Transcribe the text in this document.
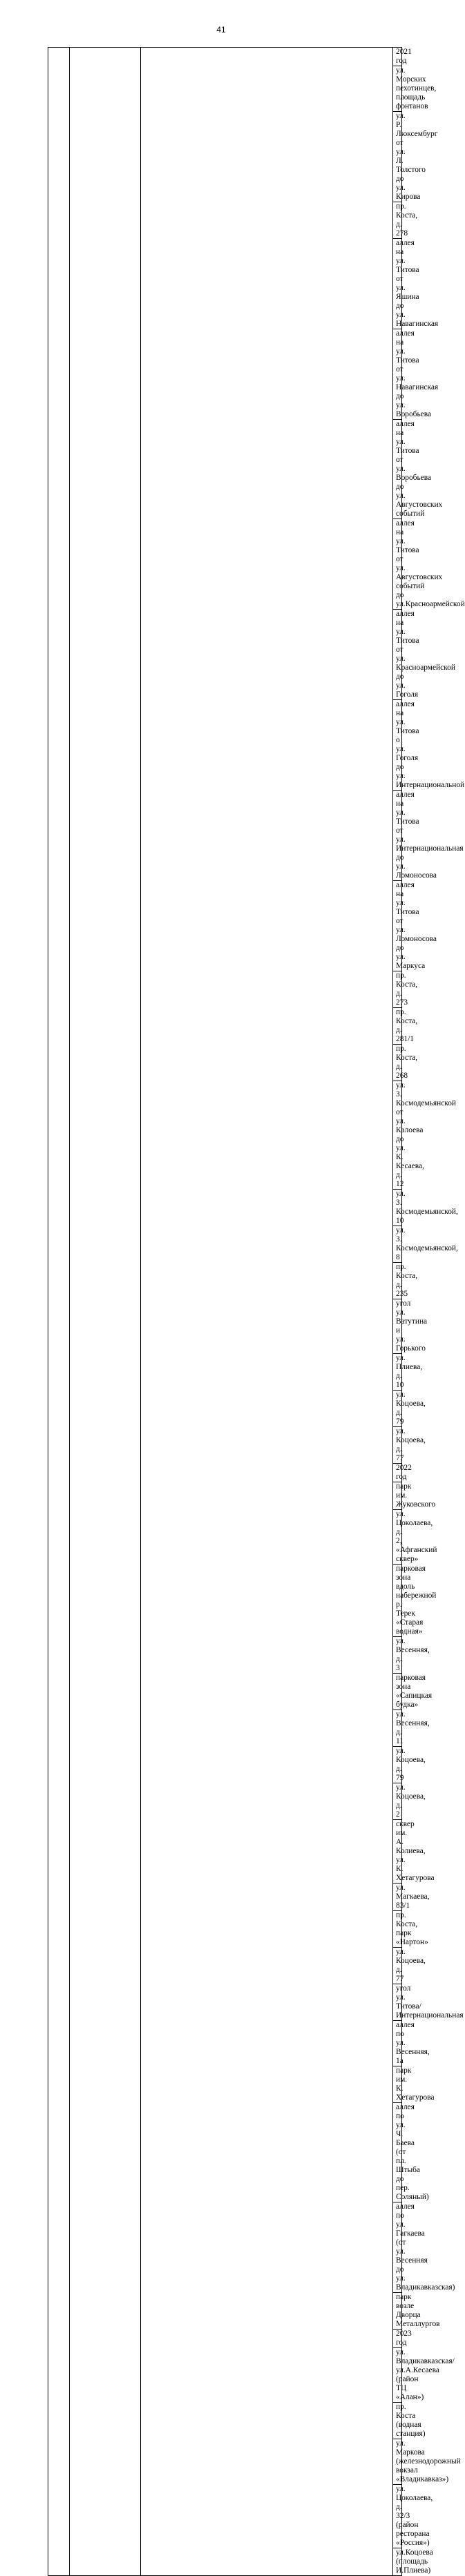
41
			2021 год
ул. Морских пехотинцев, площадь фонтанов
ул. Р. Люксембург от ул. Л. Толстого до ул. Кирова
пр. Коста, д. 278
аллея на ул. Титова от ул. Яшина до ул. Навагинская
аллея на ул. Титова от ул. Навагинская до ул. Воробьева
аллея на ул. Титова от ул. Воробьева до ул. Августовских событий
аллея на ул. Титова от ул. Августовских событий до ул.Красноармейской
аллея на ул. Титова от ул. Красноармейской до ул. Гоголя
аллея на ул. Титова о ул. Гоголя до ул. Интернациональной
аллея на ул. Титова от ул. Интернациональная до ул. Ломоносова
аллея на ул. Титова от ул. Ломоносова до ул. Маркуса
пр. Коста, д. 273
пр. Коста, д. 281/1
пр. Коста, д. 268
ул. З. Космодемьянской от ул. Калоева до ул. К. Кесаева, д. 12
ул. З. Космодемьянской, 10
ул. З. Космодемьянской, 8
пр. Коста, д. 235
угол ул. Ватутина и ул. Горького
ул. Плиева, д. 10
ул. Коцоева, д. 79
ул. Коцоева, д. 77
2022 год
парк им. Жуковского
ул. Цоколаева, д. 2, «Афганский сквер»
парковая зона вдоль набережной р. Терек «Старая водная»
ул. Весенняя, д. 3
парковая зона «Сапицкая будка»
ул. Весенняя, д. 11
ул. Коцоева, д. 79
ул. Коцоева, д. 2
сквер им. А. Колиева, ул. К. Хетагурова
ул. Магкаева, 83/1
пр. Коста, парк «Нартон»
ул. Коцоева, д. 77
угол ул. Титова/Интернациональная
аллея по ул. Весенняя, 1а
парк им. К. Хетагурова
аллея по ул. Ч. Баева (от пл. Штыба до пер. Соляный)
аллея по ул. Гагкаева (от ул. Весенняя до ул. Владикавказская)
парк возле Дворца Металлургов
2023 год
ул. Владикавказская/ул.А.Кесаева (район ТЦ «Алан»)
пр. Коста (водная станция)
ул. Маркова (железнодорожный вокзал «Владикавказ»)
ул. Цоколаева, д. 32/3 (район ресторана «Россия»)
ул.Коцоева (площадь И.Плиева)
